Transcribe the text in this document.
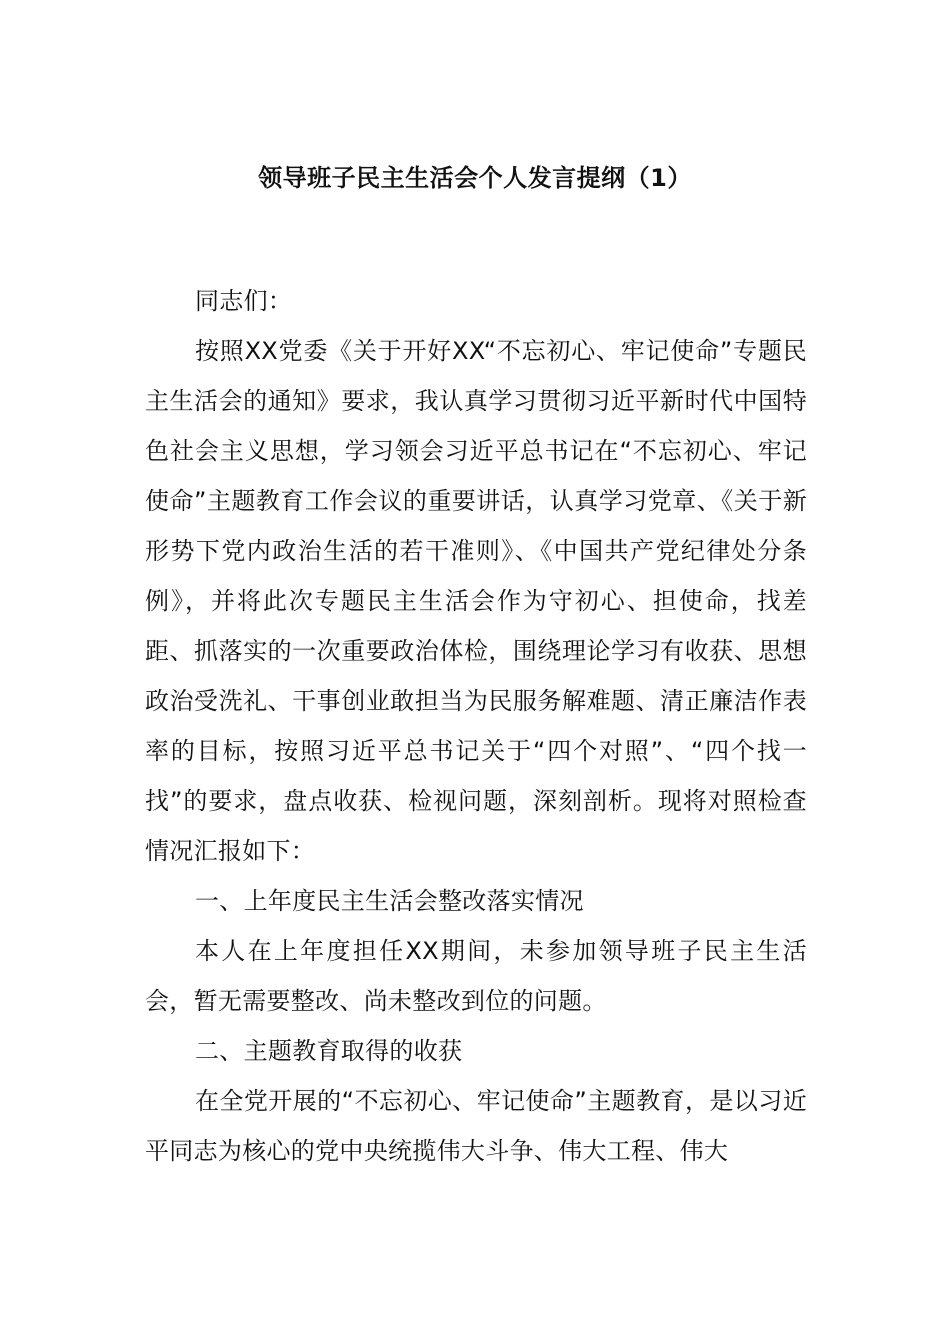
领导班子民主生活会个人发言提纲（1）

同志们：

按照XX党委《关于开好XX“不忘初心、牢记使命”专题民主生活会的通知》要求，我认真学习贯彻习近平新时代中国特色社会主义思想，学习领会习近平总书记在“不忘初心、牢记使命”主题教育工作会议的重要讲话，认真学习党章、《关于新形势下党内政治生活的若干准则》、《中国共产党纪律处分条例》，并将此次专题民主生活会作为守初心、担使命，找差距、抓落实的一次重要政治体检，围绕理论学习有收获、思想政治受洗礼、干事创业敢担当为民服务解难题、清正廉洁作表率的目标，按照习近平总书记关于“四个对照”、“四个找一找”的要求，盘点收获、检视问题，深刻剖析。现将对照检查情况汇报如下：

一、上年度民主生活会整改落实情况

本人在上年度担任XX期间，未参加领导班子民主生活会，暂无需要整改、尚未整改到位的问题。

二、主题教育取得的收获

在全党开展的“不忘初心、牢记使命”主题教育，是以习近平同志为核心的党中央统揽伟大斗争、伟大工程、伟大
